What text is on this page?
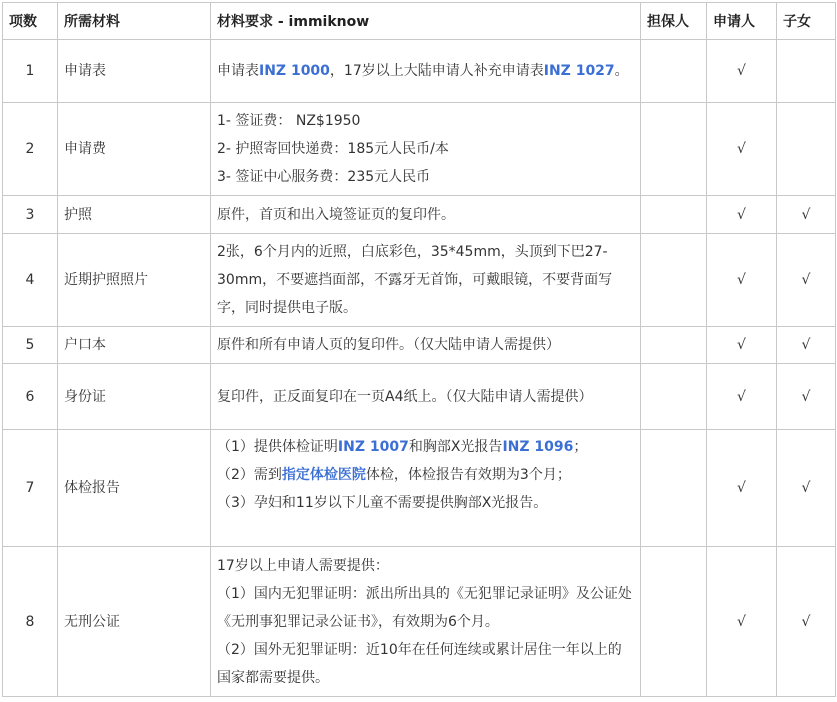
项数	所需材料	材料要求 - immiknow	担保人	申请人	子女
1	申请表	申请表INZ 1000，17岁以上大陆申请人补充申请表INZ 1027。		√	
2	申请费	1- 签证费： NZ$1950
2- 护照寄回快递费：185元人民币/本
3- 签证中心服务费：235元人民币		√	
3	护照	原件，首页和出入境签证页的复印件。		√	√
4	近期护照照片	2张，6个月内的近照，白底彩色，35*45mm，头顶到下巴27-30mm，不要遮挡面部，不露牙无首饰，可戴眼镜，不要背面写字，同时提供电子版。		√	√
5	户口本	原件和所有申请人页的复印件。（仅大陆申请人需提供）		√	√
6	身份证	复印件，正反面复印在一页A4纸上。（仅大陆申请人需提供）		√	√
7	体检报告	（1）提供体检证明INZ 1007和胸部X光报告INZ 1096；
（2）需到指定体检医院体检，体检报告有效期为3个月；
（3）孕妇和11岁以下儿童不需要提供胸部X光报告。		√	√
8	无刑公证	17岁以上申请人需要提供：
（1）国内无犯罪证明：派出所出具的《无犯罪记录证明》及公证处《无刑事犯罪记录公证书》，有效期为6个月。
（2）国外无犯罪证明：近10年在任何连续或累计居住一年以上的国家都需要提供。		√	√
